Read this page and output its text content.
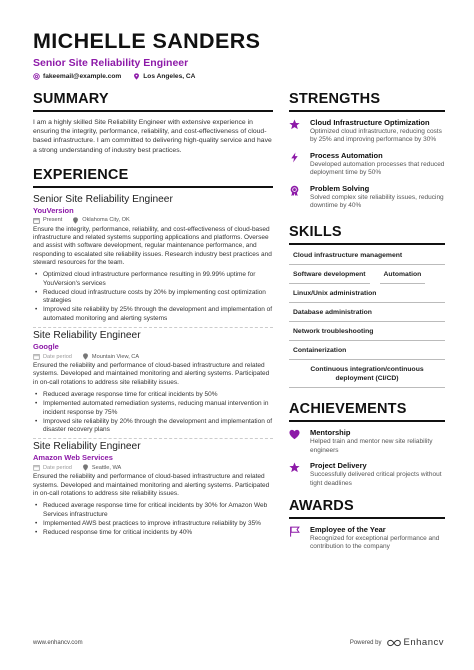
MICHELLE SANDERS
Senior Site Reliability Engineer
fakeemail@example.com	Los Angeles, CA
SUMMARY
I am a highly skilled Site Reliability Engineer with extensive experience in ensuring the integrity, performance, reliability, and cost-effectiveness of cloud-based infrastructure. I am committed to delivering high-quality service and have a strong understanding of industry best practices.
EXPERIENCE
Senior Site Reliability Engineer
YouVersion
Present	Oklahoma City, OK
Ensure the integrity, performance, reliability, and cost-effectiveness of cloud-based infrastructure and related systems supporting applications and platforms. Oversee and assist with software development, regular maintenance performance, and responding to escalated site reliability issues. Research industry best practices and steward resources for the team.
• Optimized cloud infrastructure performance resulting in 99.99% uptime for YouVersion's services
• Reduced cloud infrastructure costs by 20% by implementing cost optimization strategies
• Improved site reliability by 25% through the development and implementation of automated monitoring and alerting systems
Site Reliability Engineer
Google
Date period	Mountain View, CA
Ensured the reliability and performance of cloud-based infrastructure and related systems. Developed and maintained monitoring and alerting systems. Participated in on-call rotations to address site reliability issues.
• Reduced average response time for critical incidents by 50%
• Implemented automated remediation systems, reducing manual intervention in incident response by 75%
• Improved site reliability by 20% through the development and implementation of disaster recovery plans
Site Reliability Engineer
Amazon Web Services
Date period	Seattle, WA
Ensured the reliability and performance of cloud-based infrastructure and related systems. Developed and maintained monitoring and alerting systems. Participated in on-call rotations to address site reliability issues.
• Reduced average response time for critical incidents by 30% for Amazon Web Services infrastructure
• Implemented AWS best practices to improve infrastructure reliability by 35%
• Reduced response time for critical incidents by 40%
STRENGTHS
Cloud Infrastructure Optimization
Optimized cloud infrastructure, reducing costs by 25% and improving performance by 30%
Process Automation
Developed automation processes that reduced deployment time by 50%
Problem Solving
Solved complex site reliability issues, reducing downtime by 40%
SKILLS
Cloud infrastructure management
Software development	Automation
Linux/Unix administration
Database administration
Network troubleshooting
Containerization
Continuous integration/continuous deployment (CI/CD)
ACHIEVEMENTS
Mentorship
Helped train and mentor new site reliability engineers
Project Delivery
Successfully delivered critical projects without tight deadlines
AWARDS
Employee of the Year
Recognized for exceptional performance and contribution to the company
www.enhancv.com	Powered by Enhancv
